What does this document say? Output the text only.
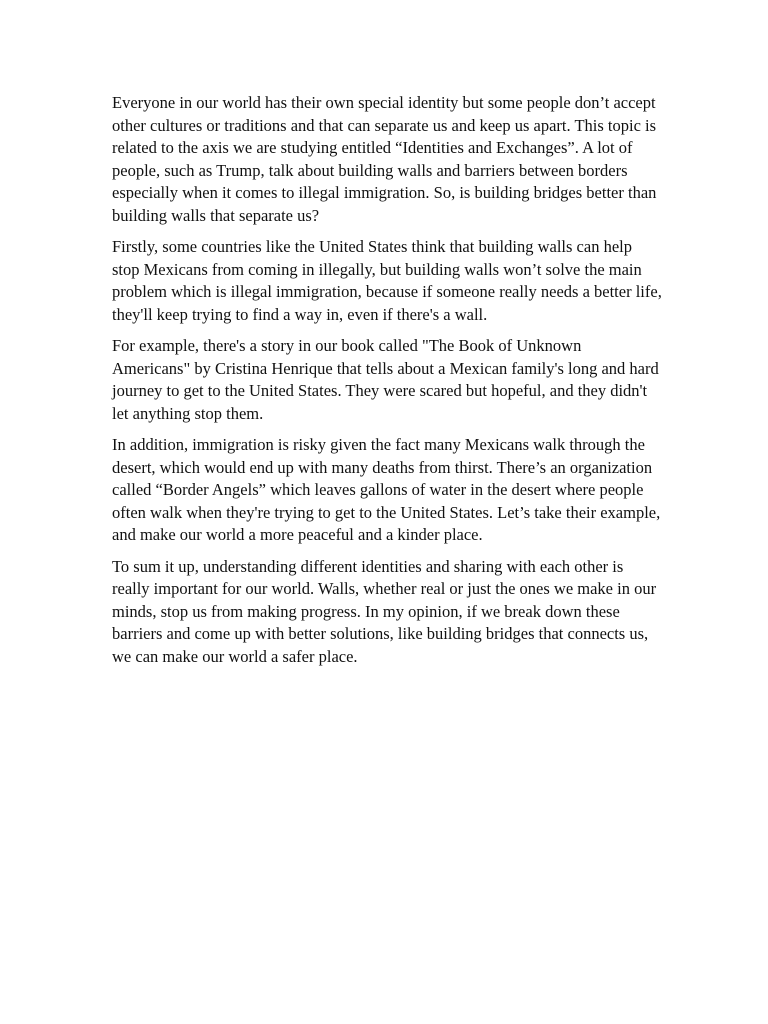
Everyone in our world has their own special identity but some people don’t accept other cultures or traditions and that can separate us and keep us apart. This topic is related to the axis we are studying entitled “Identities and Exchanges”. A lot of people, such as Trump, talk about building walls and barriers between borders especially when it comes to illegal immigration. So, is building bridges better than building walls that separate us?

Firstly, some countries like the United States think that building walls can help stop Mexicans from coming in illegally, but building walls won’t solve the main problem which is illegal immigration, because if someone really needs a better life, they'll keep trying to find a way in, even if there's a wall.

For example, there's a story in our book called "The Book of Unknown Americans" by Cristina Henrique that tells about a Mexican family's long and hard journey to get to the United States. They were scared but hopeful, and they didn't let anything stop them.

In addition, immigration is risky given the fact many Mexicans walk through the desert, which would end up with many deaths from thirst. There’s an organization called “Border Angels” which leaves gallons of water in the desert where people often walk when they're trying to get to the United States. Let’s take their example, and make our world a more peaceful and a kinder place.

To sum it up, understanding different identities and sharing with each other is really important for our world. Walls, whether real or just the ones we make in our minds, stop us from making progress. In my opinion, if we break down these barriers and come up with better solutions, like building bridges that connects us, we can make our world a safer place.
